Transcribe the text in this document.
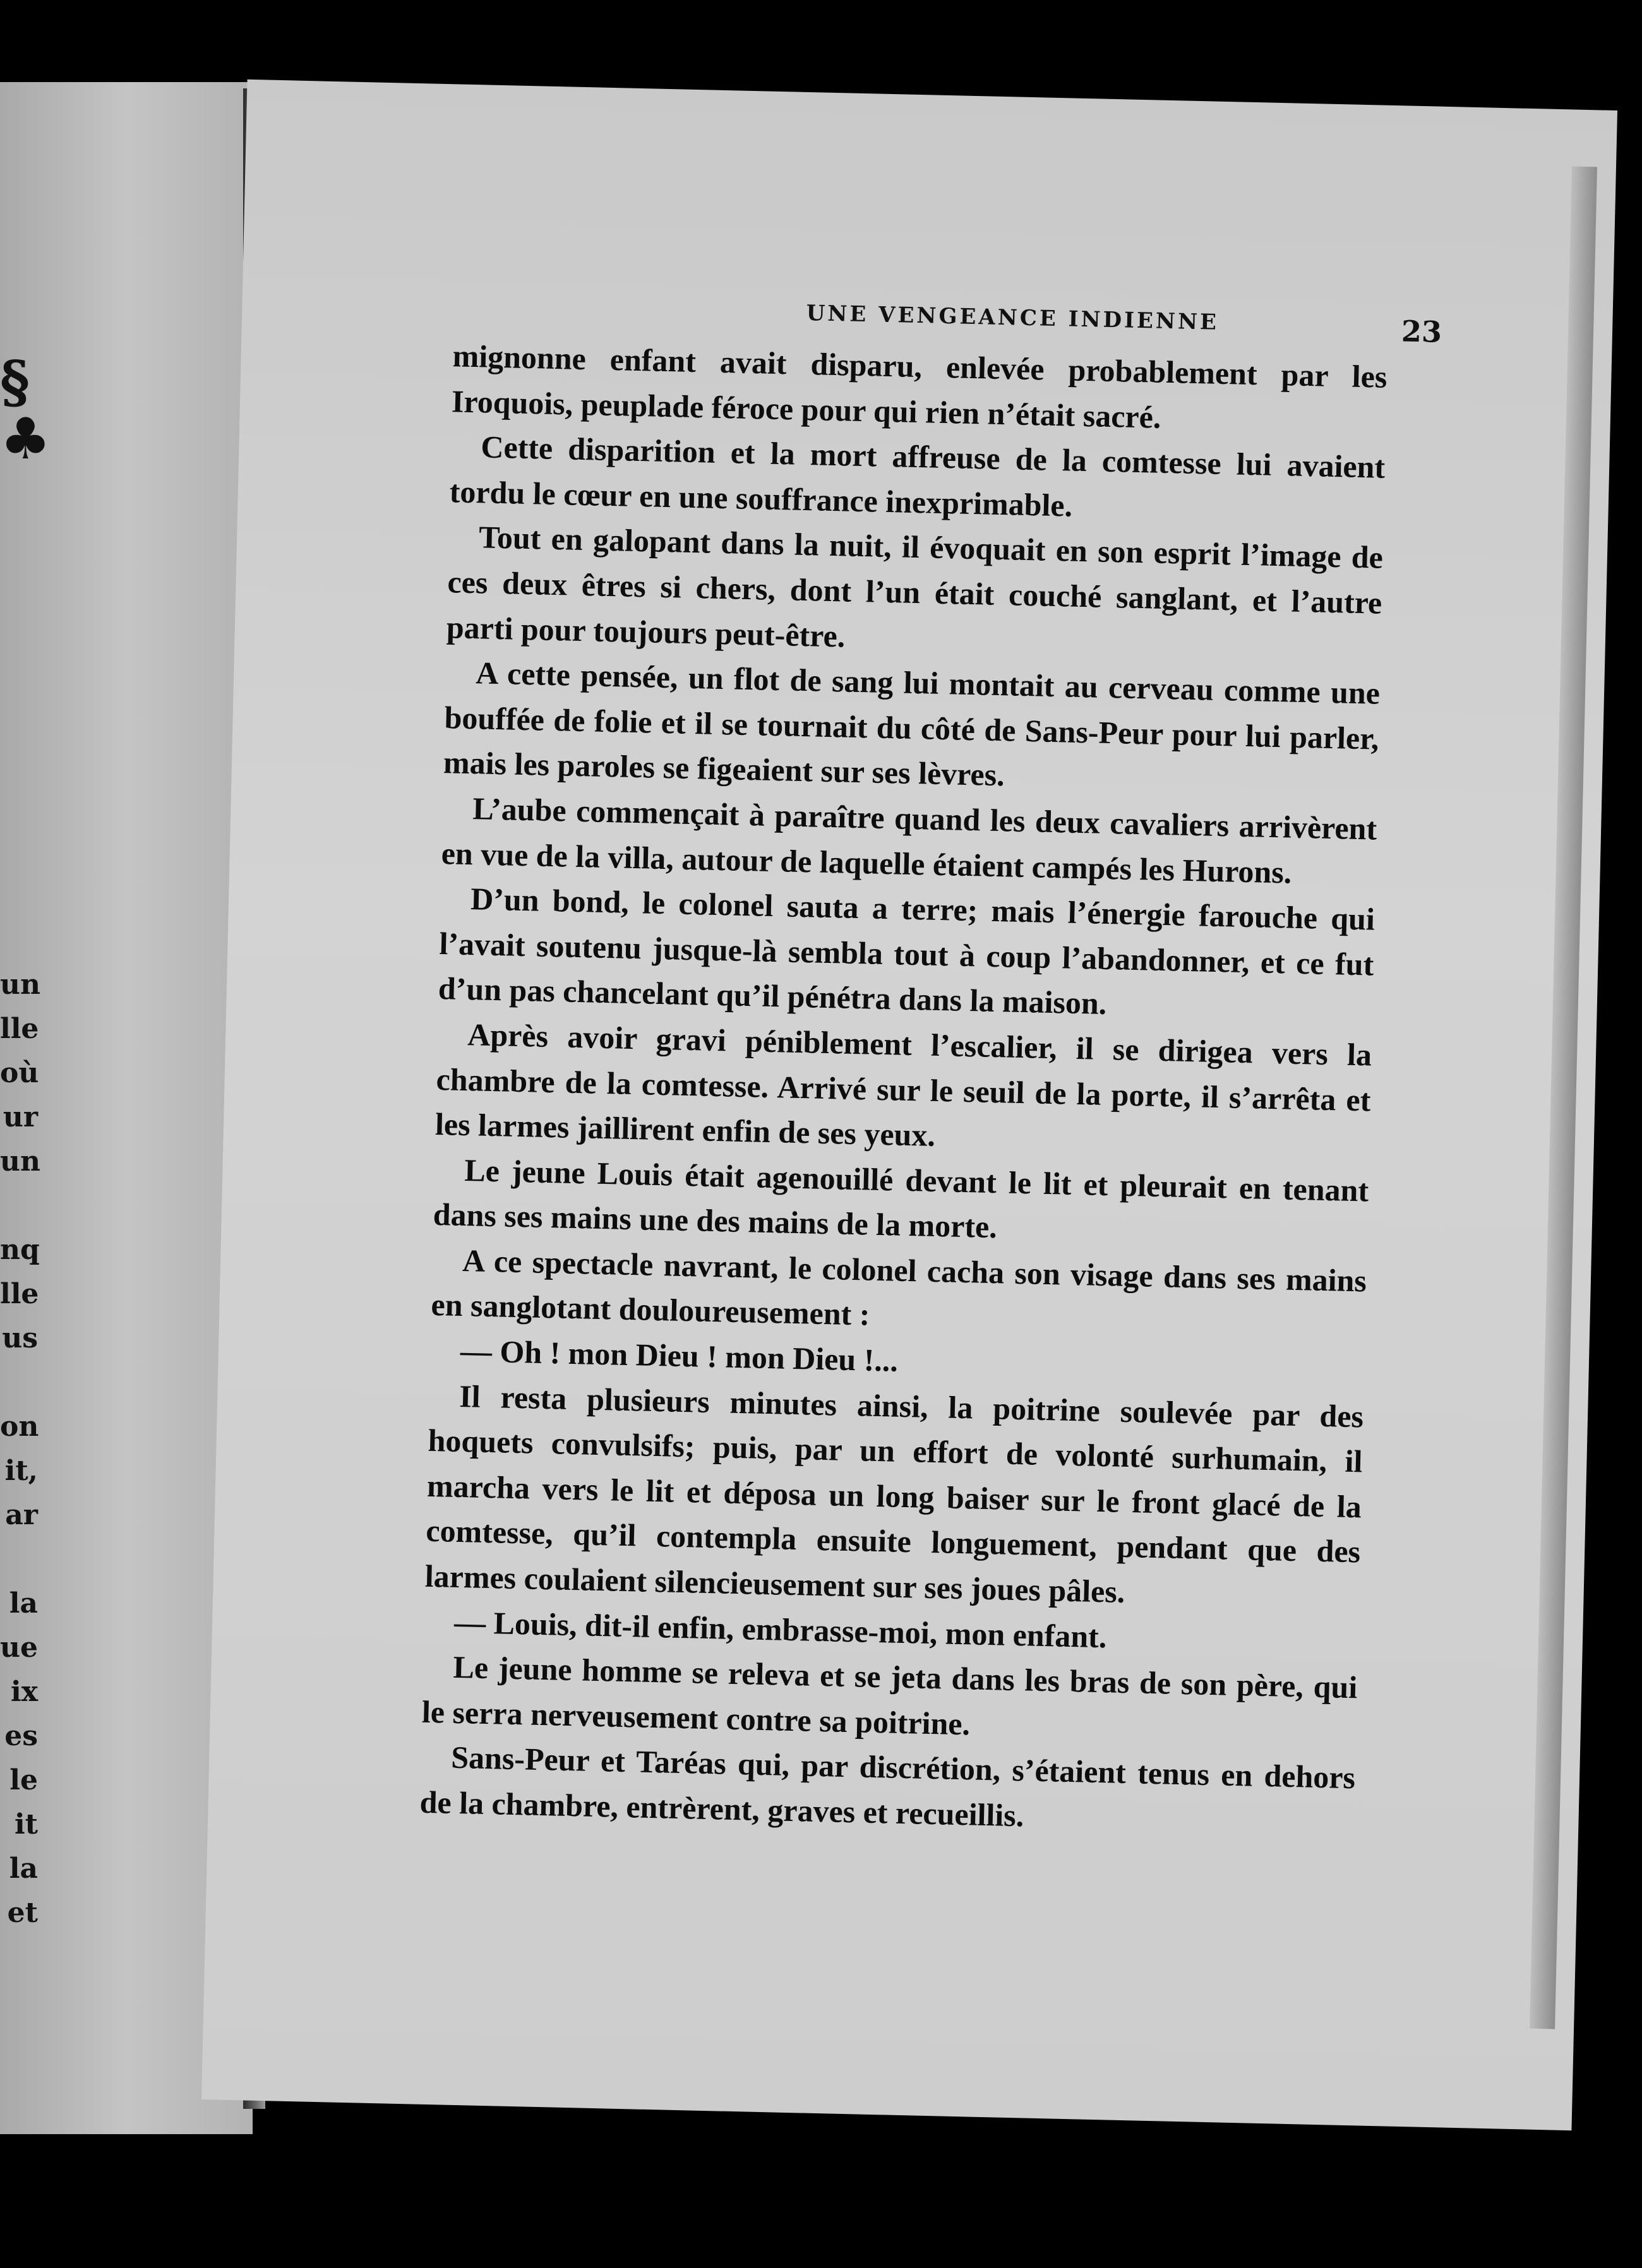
§
♣
un
lle
où
ur
un
nq
lle
us
on
it,
ar
la
ue
ix
es
le
it
la
et
UNE VENGEANCE INDIENNE	23

mignonne enfant avait disparu, enlevée probablement par les Iroquois, peuplade féroce pour qui rien n’était sacré.

Cette disparition et la mort affreuse de la comtesse lui avaient tordu le cœur en une souffrance inexprimable.

Tout en galopant dans la nuit, il évoquait en son esprit l’image de ces deux êtres si chers, dont l’un était couché sanglant, et l’autre parti pour toujours peut-être.

A cette pensée, un flot de sang lui montait au cerveau comme une bouffée de folie et il se tournait du côté de Sans-Peur pour lui parler, mais les paroles se figeaient sur ses lèvres.

L’aube commençait à paraître quand les deux cavaliers arrivèrent en vue de la villa, autour de laquelle étaient campés les Hurons.

D’un bond, le colonel sauta a terre; mais l’énergie farouche qui l’avait soutenu jusque-là sembla tout à coup l’abandonner, et ce fut d’un pas chancelant qu’il pénétra dans la maison.

Après avoir gravi péniblement l’escalier, il se dirigea vers la chambre de la comtesse. Arrivé sur le seuil de la porte, il s’arrêta et les larmes jaillirent enfin de ses yeux.

Le jeune Louis était agenouillé devant le lit et pleurait en tenant dans ses mains une des mains de la morte.

A ce spectacle navrant, le colonel cacha son visage dans ses mains en sanglotant douloureusement :

— Oh ! mon Dieu ! mon Dieu !...

Il resta plusieurs minutes ainsi, la poitrine soulevée par des hoquets convulsifs; puis, par un effort de volonté surhumain, il marcha vers le lit et déposa un long baiser sur le front glacé de la comtesse, qu’il contempla ensuite longuement, pendant que des larmes coulaient silencieusement sur ses joues pâles.

— Louis, dit-il enfin, embrasse-moi, mon enfant.

Le jeune homme se releva et se jeta dans les bras de son père, qui le serra nerveusement contre sa poitrine.

Sans-Peur et Taréas qui, par discrétion, s’étaient tenus en dehors de la chambre, entrèrent, graves et recueillis.
